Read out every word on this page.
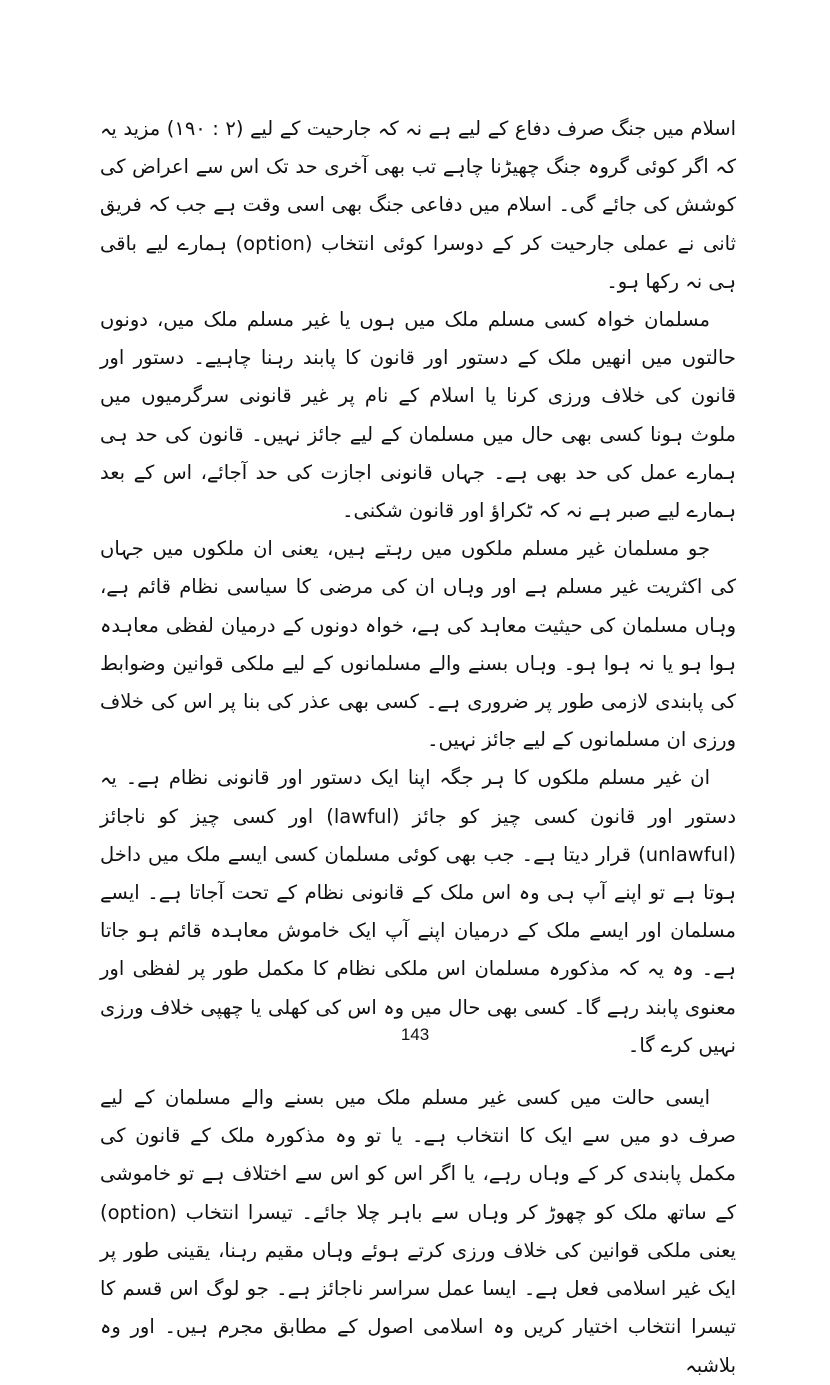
اسلام میں جنگ صرف دفاع کے لیے ہے نہ کہ جارحیت کے لیے (۲ : ۱۹۰) مزید یہ کہ اگر کوئی گروہ جنگ چھیڑنا چاہے تب بھی آخری حد تک اس سے اعراض کی کوشش کی جائے گی۔ اسلام میں دفاعی جنگ بھی اسی وقت ہے جب کہ فریق ثانی نے عملی جارحیت کر کے دوسرا کوئی انتخاب (option) ہمارے لیے باقی ہی نہ رکھا ہو۔

مسلمان خواہ کسی مسلم ملک میں ہوں یا غیر مسلم ملک میں، دونوں حالتوں میں انھیں ملک کے دستور اور قانون کا پابند رہنا چاہیے۔ دستور اور قانون کی خلاف ورزی کرنا یا اسلام کے نام پر غیر قانونی سرگرمیوں میں ملوث ہونا کسی بھی حال میں مسلمان کے لیے جائز نہیں۔ قانون کی حد ہی ہمارے عمل کی حد بھی ہے۔ جہاں قانونی اجازت کی حد آجائے، اس کے بعد ہمارے لیے صبر ہے نہ کہ ٹکراؤ اور قانون شکنی۔

جو مسلمان غیر مسلم ملکوں میں رہتے ہیں، یعنی ان ملکوں میں جہاں کی اکثریت غیر مسلم ہے اور وہاں ان کی مرضی کا سیاسی نظام قائم ہے، وہاں مسلمان کی حیثیت معاہد کی ہے، خواہ دونوں کے درمیان لفظی معاہدہ ہوا ہو یا نہ ہوا ہو۔ وہاں بسنے والے مسلمانوں کے لیے ملکی قوانین وضوابط کی پابندی لازمی طور پر ضروری ہے۔ کسی بھی عذر کی بنا پر اس کی خلاف ورزی ان مسلمانوں کے لیے جائز نہیں۔

ان غیر مسلم ملکوں کا ہر جگہ اپنا ایک دستور اور قانونی نظام ہے۔ یہ دستور اور قانون کسی چیز کو جائز (lawful) اور کسی چیز کو ناجائز (unlawful) قرار دیتا ہے۔ جب بھی کوئی مسلمان کسی ایسے ملک میں داخل ہوتا ہے تو اپنے آپ ہی وہ اس ملک کے قانونی نظام کے تحت آجاتا ہے۔ ایسے مسلمان اور ایسے ملک کے درمیان اپنے آپ ایک خاموش معاہدہ قائم ہو جاتا ہے۔ وہ یہ کہ مذکورہ مسلمان اس ملکی نظام کا مکمل طور پر لفظی اور معنوی پابند رہے گا۔ کسی بھی حال میں وہ اس کی کھلی یا چھپی خلاف ورزی نہیں کرے گا۔

ایسی حالت میں کسی غیر مسلم ملک میں بسنے والے مسلمان کے لیے صرف دو میں سے ایک کا انتخاب ہے۔ یا تو وہ مذکورہ ملک کے قانون کی مکمل پابندی کر کے وہاں رہے، یا اگر اس کو اس سے اختلاف ہے تو خاموشی کے ساتھ ملک کو چھوڑ کر وہاں سے باہر چلا جائے۔ تیسرا انتخاب (option) یعنی ملکی قوانین کی خلاف ورزی کرتے ہوئے وہاں مقیم رہنا، یقینی طور پر ایک غیر اسلامی فعل ہے۔ ایسا عمل سراسر ناجائز ہے۔ جو لوگ اس قسم کا تیسرا انتخاب اختیار کریں وہ اسلامی اصول کے مطابق مجرم ہیں۔ اور وہ بلاشبہ

143
